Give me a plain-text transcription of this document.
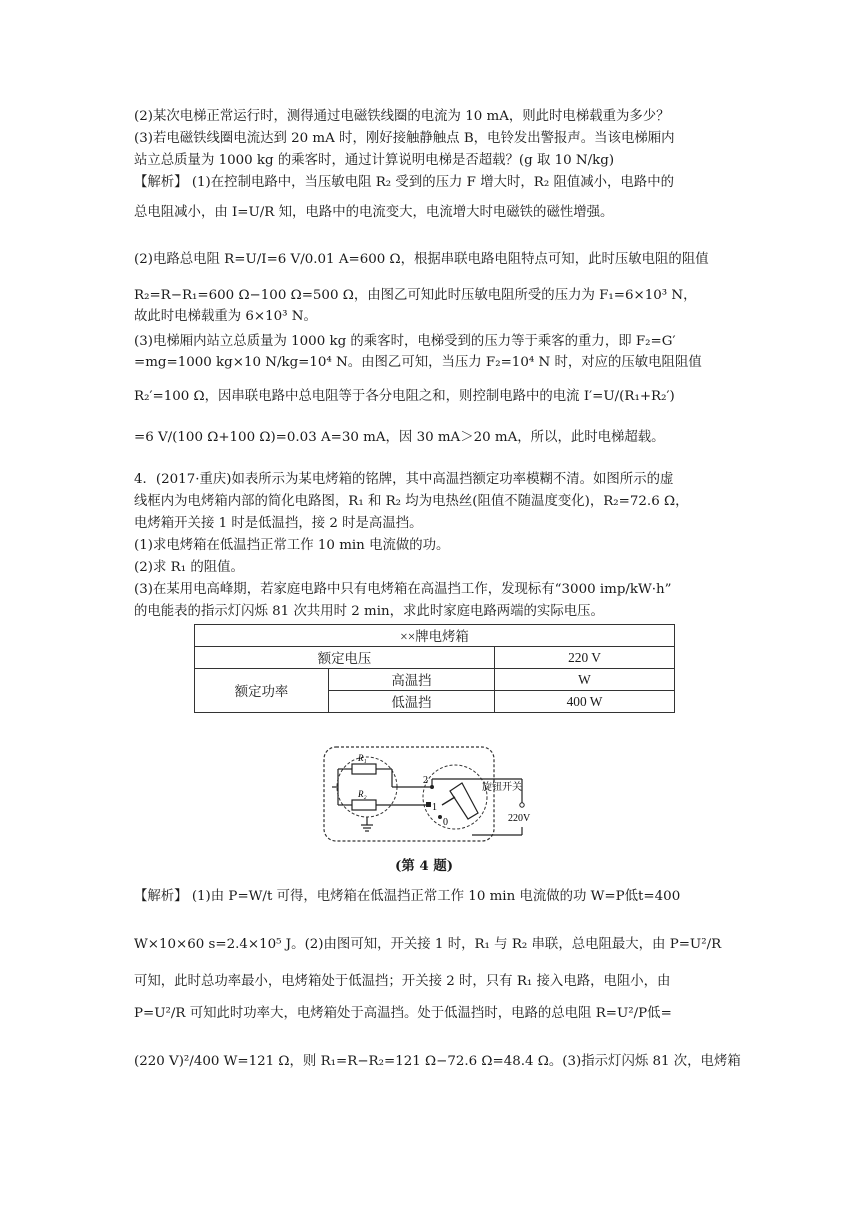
(2)某次电梯正常运行时，测得通过电磁铁线圈的电流为 10 mA，则此时电梯载重为多少？
(3)若电磁铁线圈电流达到 20 mA 时，刚好接触静触点 B，电铃发出警报声。当该电梯厢内
站立总质量为 1000 kg 的乘客时，通过计算说明电梯是否超载？(g 取 10 N/kg)
【解析】 (1)在控制电路中，当压敏电阻 R₂ 受到的压力 F 增大时，R₂ 阻值减小，电路中的
总电阻减小，由 I=U/R 知，电路中的电流变大，电流增大时电磁铁的磁性增强。
(2)电路总电阻 R=U/I=6 V/0.01 A=600 Ω，根据串联电路电阻特点可知，此时压敏电阻的阻值
R₂=R−R₁=600 Ω−100 Ω=500 Ω，由图乙可知此时压敏电阻所受的压力为 F₁=6×10³ N，
故此时电梯载重为 6×10³ N。
(3)电梯厢内站立总质量为 1000 kg 的乘客时，电梯受到的压力等于乘客的重力，即 F₂=G′
=mg=1000 kg×10 N/kg=10⁴ N。由图乙可知，当压力 F₂=10⁴ N 时，对应的压敏电阻阻值
R₂′=100 Ω，因串联电路中总电阻等于各分电阻之和，则控制电路中的电流 I′=U/(R₁+R₂′)
=6 V/(100 Ω+100 Ω)=0.03 A=30 mA，因 30 mA＞20 mA，所以，此时电梯超载。
4．(2017·重庆)如表所示为某电烤箱的铭牌，其中高温挡额定功率模糊不清。如图所示的虚
线框内为电烤箱内部的简化电路图，R₁ 和 R₂ 均为电热丝(阻值不随温度变化)，R₂=72.6 Ω，
电烤箱开关接 1 时是低温挡，接 2 时是高温挡。
(1)求电烤箱在低温挡正常工作 10 min 电流做的功。
(2)求 R₁ 的阻值。
(3)在某用电高峰期，若家庭电路中只有电烤箱在高温挡工作，发现标有“3000 imp/kW·h”
的电能表的指示灯闪烁 81 次共用时 2 min，求此时家庭电路两端的实际电压。
××牌电烤箱		
额定电压		220 V
额定功率	高温挡	W
	低温挡	400 W
R₁
R₂
2
1
0
旋钮开关
220V
(第 4 题)
【解析】 (1)由 P=W/t 可得，电烤箱在低温挡正常工作 10 min 电流做的功 W=P低t=400
W×10×60 s=2.4×10⁵ J。(2)由图可知，开关接 1 时，R₁ 与 R₂ 串联，总电阻最大，由 P=U²/R
可知，此时总功率最小，电烤箱处于低温挡；开关接 2 时，只有 R₁ 接入电路，电阻小，由
P=U²/R 可知此时功率大，电烤箱处于高温挡。处于低温挡时，电路的总电阻 R=U²/P低=
(220 V)²/400 W=121 Ω，则 R₁=R−R₂=121 Ω−72.6 Ω=48.4 Ω。(3)指示灯闪烁 81 次，电烤箱
